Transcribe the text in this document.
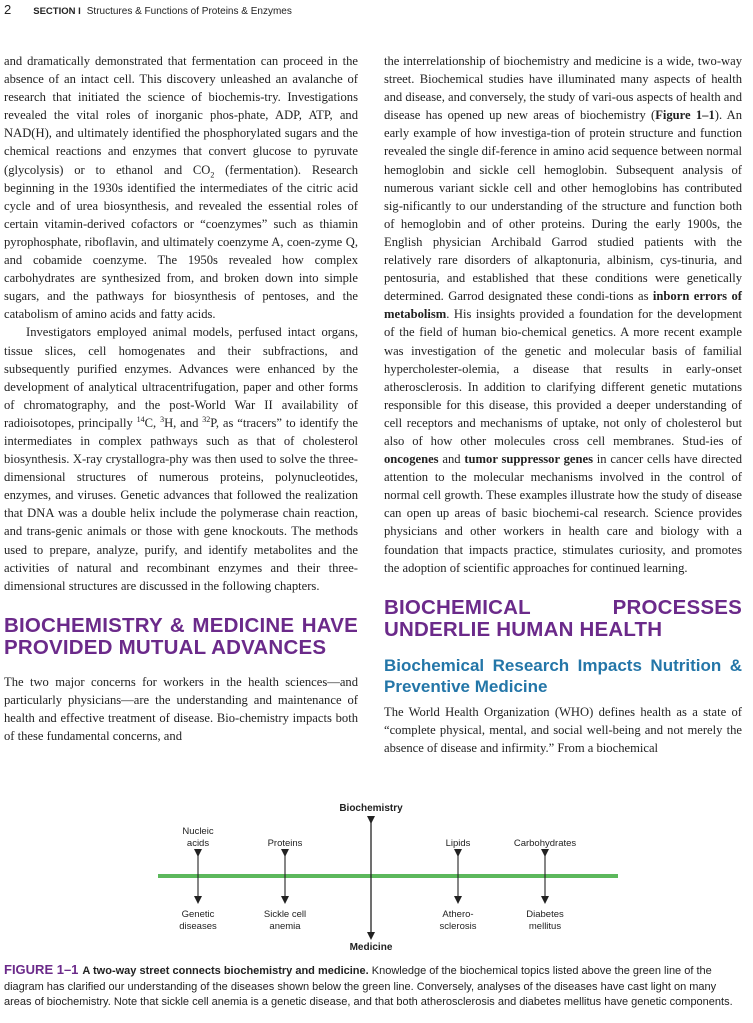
2 SECTION I Structures & Functions of Proteins & Enzymes

and dramatically demonstrated that fermentation can proceed in the absence of an intact cell. This discovery unleashed an avalanche of research that initiated the science of biochemis-try. Investigations revealed the vital roles of inorganic phos-phate, ADP, ATP, and NAD(H), and ultimately identified the phosphorylated sugars and the chemical reactions and enzymes that convert glucose to pyruvate (glycolysis) or to ethanol and $CO_2$ (fermentation). Research beginning in the 1930s identified the intermediates of the citric acid cycle and of urea biosynthesis, and revealed the essential roles of certain vitamin-derived cofactors or “coenzymes” such as thiamin pyrophosphate, riboflavin, and ultimately coenzyme A, coen-zyme Q, and cobamide coenzyme. The 1950s revealed how complex carbohydrates are synthesized from, and broken down into simple sugars, and the pathways for biosynthesis of pentoses, and the catabolism of amino acids and fatty acids.

Investigators employed animal models, perfused intact organs, tissue slices, cell homogenates and their subfractions, and subsequently purified enzymes. Advances were enhanced by the development of analytical ultracentrifugation, paper and other forms of chromatography, and the post-World War II availability of radioisotopes, principally $^{14}$C, $^3$H, and $^{32}$P, as “tracers” to identify the intermediates in complex pathways such as that of cholesterol biosynthesis. X-ray crystallogra-phy was then used to solve the three-dimensional structures of numerous proteins, polynucleotides, enzymes, and viruses. Genetic advances that followed the realization that DNA was a double helix include the polymerase chain reaction, and trans-genic animals or those with gene knockouts. The methods used to prepare, analyze, purify, and identify metabolites and the activities of natural and recombinant enzymes and their three-dimensional structures are discussed in the following chapters.

BIOCHEMISTRY & MEDICINE HAVE PROVIDED MUTUAL ADVANCES

The two major concerns for workers in the health sciences—and particularly physicians—are the understanding and maintenance of health and effective treatment of disease. Bio-chemistry impacts both of these fundamental concerns, and

the interrelationship of biochemistry and medicine is a wide, two-way street. Biochemical studies have illuminated many aspects of health and disease, and conversely, the study of vari-ous aspects of health and disease has opened up new areas of biochemistry (Figure 1–1). An early example of how investiga-tion of protein structure and function revealed the single dif-ference in amino acid sequence between normal hemoglobin and sickle cell hemoglobin. Subsequent analysis of numerous variant sickle cell and other hemoglobins has contributed sig-nificantly to our understanding of the structure and function both of hemoglobin and of other proteins. During the early 1900s, the English physician Archibald Garrod studied patients with the relatively rare disorders of alkaptonuria, albinism, cys-tinuria, and pentosuria, and established that these conditions were genetically determined. Garrod designated these condi-tions as inborn errors of metabolism. His insights provided a foundation for the development of the field of human bio-chemical genetics. A more recent example was investigation of the genetic and molecular basis of familial hypercholester-olemia, a disease that results in early-onset atherosclerosis. In addition to clarifying different genetic mutations responsible for this disease, this provided a deeper understanding of cell receptors and mechanisms of uptake, not only of cholesterol but also of how other molecules cross cell membranes. Stud-ies of oncogenes and tumor suppressor genes in cancer cells have directed attention to the molecular mechanisms involved in the control of normal cell growth. These examples illustrate how the study of disease can open up areas of basic biochemi-cal research. Science provides physicians and other workers in health care and biology with a foundation that impacts practice, stimulates curiosity, and promotes the adoption of scientific approaches for continued learning.

BIOCHEMICAL PROCESSES UNDERLIE HUMAN HEALTH
Biochemical Research Impacts Nutrition & Preventive Medicine

The World Health Organization (WHO) defines health as a state of “complete physical, mental, and social well-being and not merely the absence of disease and infirmity.” From a biochemical

Biochemistry
Medicine
Nucleic
acids	Proteins	Lipids	Carbohydrates
Genetic
diseases
Sickle cell
anemia
Athero-
sclerosis
Diabetes
mellitus
FIGURE 1–1 A two-way street connects biochemistry and medicine. Knowledge of the biochemical topics listed above the green line of the diagram has clarified our understanding of the diseases shown below the green line. Conversely, analyses of the diseases have cast light on many areas of biochemistry. Note that sickle cell anemia is a genetic disease, and that both atherosclerosis and diabetes mellitus have genetic components.
